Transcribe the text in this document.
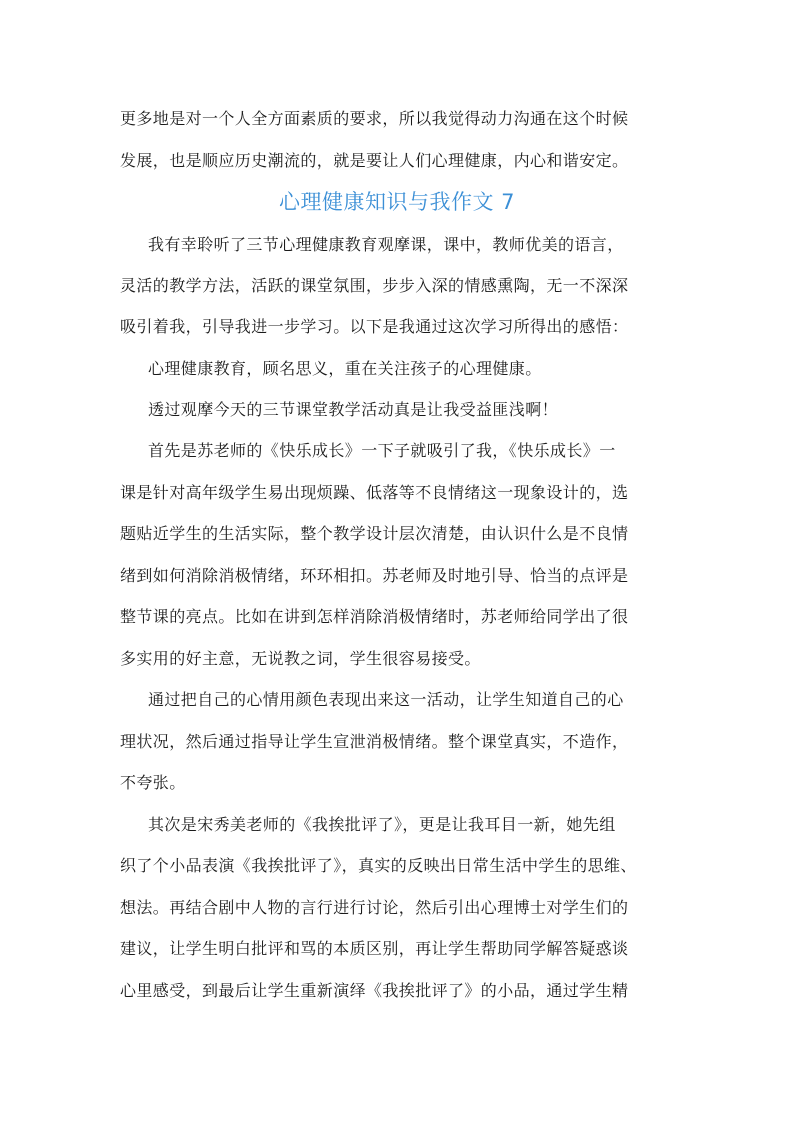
更多地是对一个人全方面素质的要求，所以我觉得动力沟通在这个时候
发展，也是顺应历史潮流的，就是要让人们心理健康，内心和谐安定。
心理健康知识与我作文 7
我有幸聆听了三节心理健康教育观摩课，课中，教师优美的语言，
灵活的教学方法，活跃的课堂氛围，步步入深的情感熏陶，无一不深深
吸引着我，引导我进一步学习。以下是我通过这次学习所得出的感悟：
心理健康教育，顾名思义，重在关注孩子的心理健康。
透过观摩今天的三节课堂教学活动真是让我受益匪浅啊！
首先是苏老师的《快乐成长》一下子就吸引了我，《快乐成长》一
课是针对高年级学生易出现烦躁、低落等不良情绪这一现象设计的，选
题贴近学生的生活实际，整个教学设计层次清楚，由认识什么是不良情
绪到如何消除消极情绪，环环相扣。苏老师及时地引导、恰当的点评是
整节课的亮点。比如在讲到怎样消除消极情绪时，苏老师给同学出了很
多实用的好主意，无说教之词，学生很容易接受。
通过把自己的心情用颜色表现出来这一活动，让学生知道自己的心
理状况，然后通过指导让学生宣泄消极情绪。整个课堂真实，不造作，
不夸张。
其次是宋秀美老师的《我挨批评了》，更是让我耳目一新，她先组
织了个小品表演《我挨批评了》，真实的反映出日常生活中学生的思维、
想法。再结合剧中人物的言行进行讨论，然后引出心理博士对学生们的
建议，让学生明白批评和骂的本质区别，再让学生帮助同学解答疑惑谈
心里感受，到最后让学生重新演绎《我挨批评了》的小品，通过学生精
